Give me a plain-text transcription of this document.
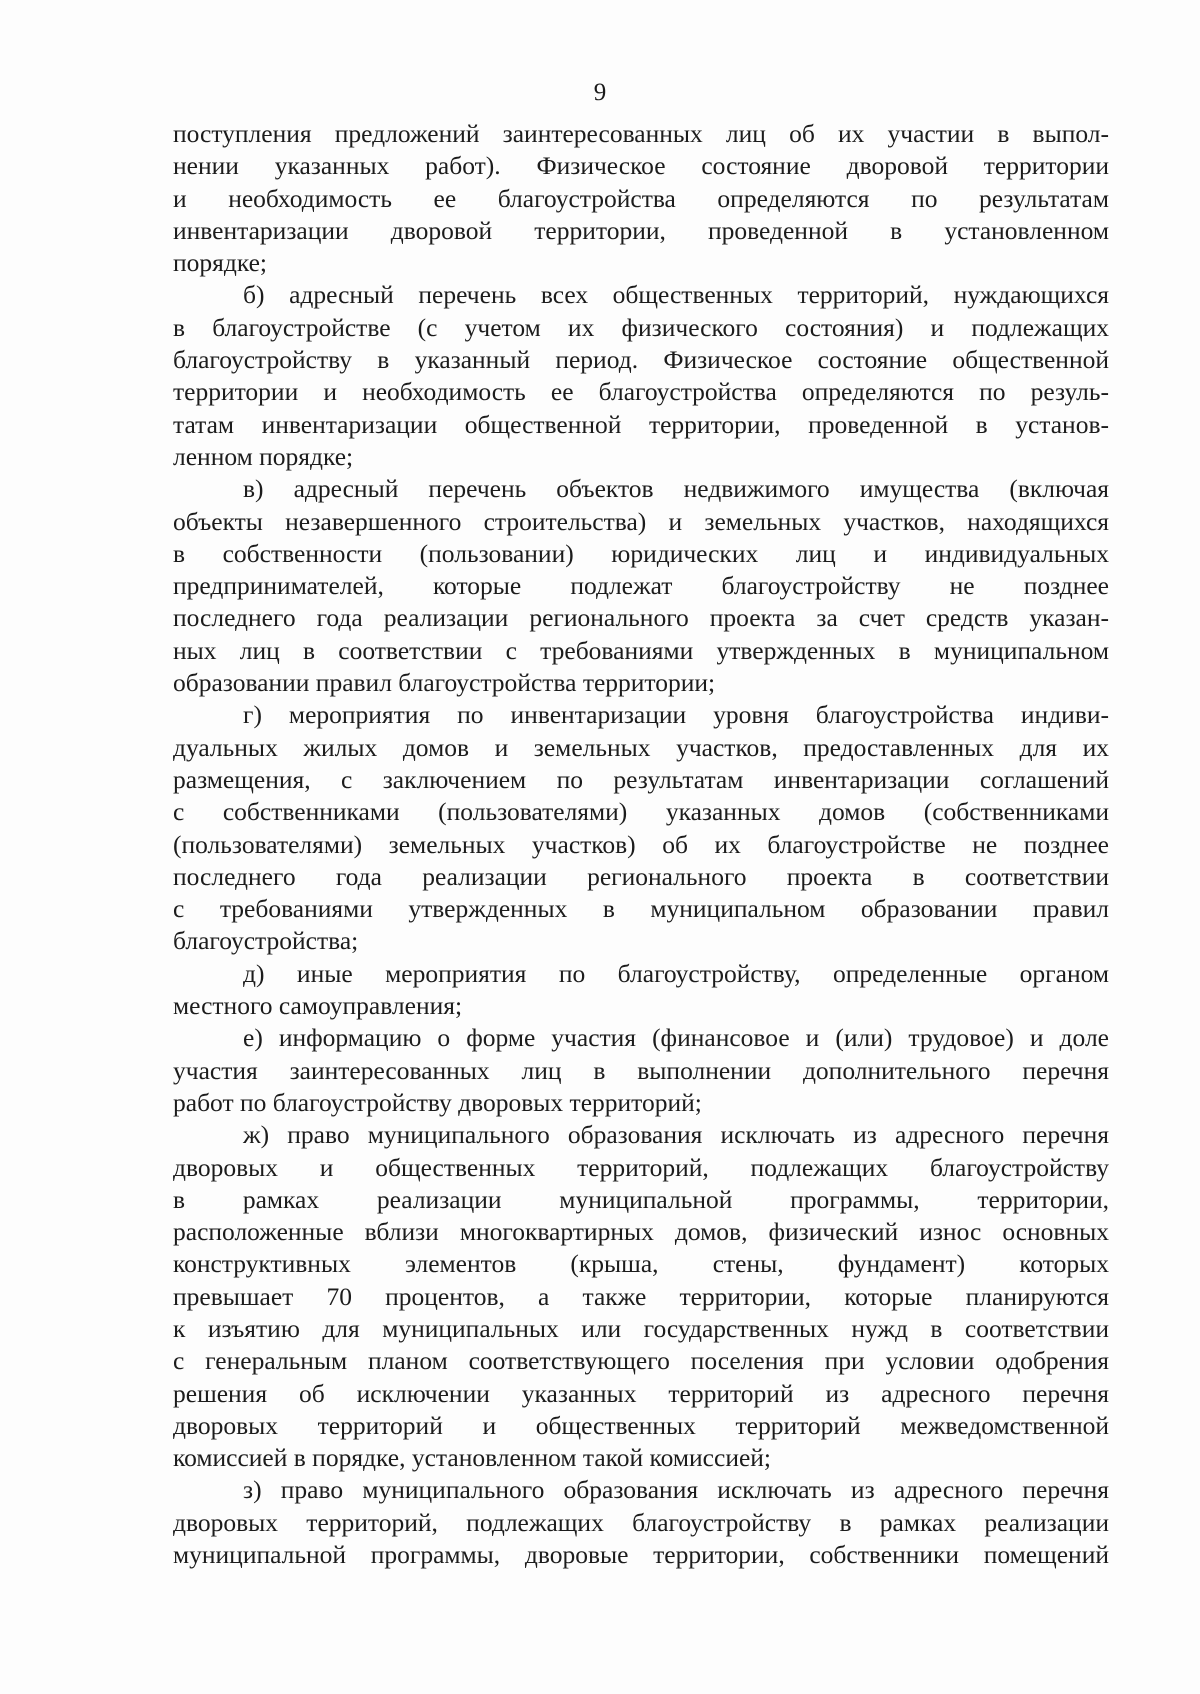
9
поступления предложений заинтересованных лиц об их участии в выпол-
нении указанных работ). Физическое состояние дворовой территории
и необходимость ее благоустройства определяются по результатам
инвентаризации дворовой территории, проведенной в установленном
порядке;
б) адресный перечень всех общественных территорий, нуждающихся
в благоустройстве (с учетом их физического состояния) и подлежащих
благоустройству в указанный период. Физическое состояние общественной
территории и необходимость ее благоустройства определяются по резуль-
татам инвентаризации общественной территории, проведенной в установ-
ленном порядке;
в) адресный перечень объектов недвижимого имущества (включая
объекты незавершенного строительства) и земельных участков, находящихся
в собственности (пользовании) юридических лиц и индивидуальных
предпринимателей, которые подлежат благоустройству не позднее
последнего года реализации регионального проекта за счет средств указан-
ных лиц в соответствии с требованиями утвержденных в муниципальном
образовании правил благоустройства территории;
г) мероприятия по инвентаризации уровня благоустройства индиви-
дуальных жилых домов и земельных участков, предоставленных для их
размещения, с заключением по результатам инвентаризации соглашений
с собственниками (пользователями) указанных домов (собственниками
(пользователями) земельных участков) об их благоустройстве не позднее
последнего года реализации регионального проекта в соответствии
с требованиями утвержденных в муниципальном образовании правил
благоустройства;
д) иные мероприятия по благоустройству, определенные органом
местного самоуправления;
е) информацию о форме участия (финансовое и (или) трудовое) и доле
участия заинтересованных лиц в выполнении дополнительного перечня
работ по благоустройству дворовых территорий;
ж) право муниципального образования исключать из адресного перечня
дворовых и общественных территорий, подлежащих благоустройству
в рамках реализации муниципальной программы, территории,
расположенные вблизи многоквартирных домов, физический износ основных
конструктивных элементов (крыша, стены, фундамент) которых
превышает 70 процентов, а также территории, которые планируются
к изъятию для муниципальных или государственных нужд в соответствии
с генеральным планом соответствующего поселения при условии одобрения
решения об исключении указанных территорий из адресного перечня
дворовых территорий и общественных территорий межведомственной
комиссией в порядке, установленном такой комиссией;
з) право муниципального образования исключать из адресного перечня
дворовых территорий, подлежащих благоустройству в рамках реализации
муниципальной программы, дворовые территории, собственники помещений
